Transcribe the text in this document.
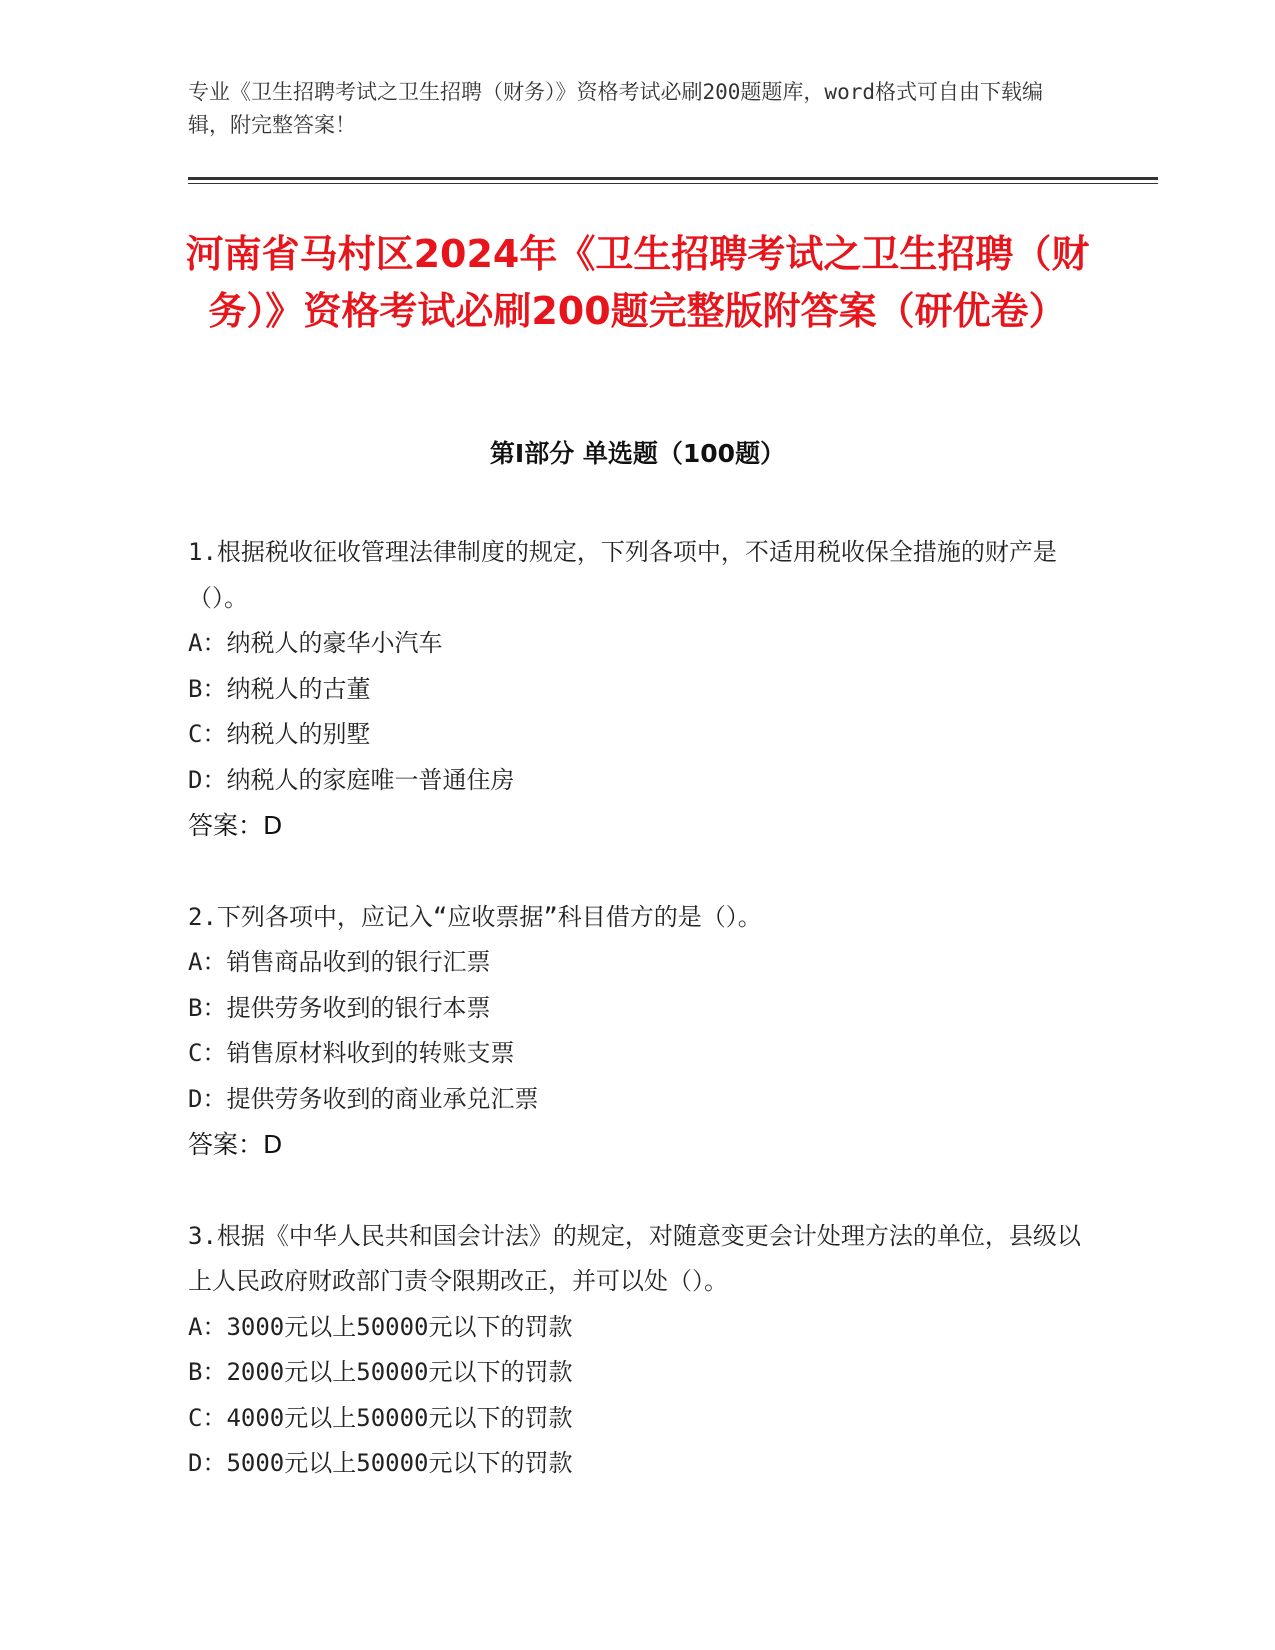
专业《卫生招聘考试之卫生招聘（财务）》资格考试必刷200题题库，word格式可自由下载编辑，附完整答案！
河南省马村区2024年《卫生招聘考试之卫生招聘（财务）》资格考试必刷200题完整版附答案（研优卷）
第I部分 单选题（100题）
1.根据税收征收管理法律制度的规定，下列各项中，不适用税收保全措施的财产是（）。
A：纳税人的豪华小汽车
B：纳税人的古董
C：纳税人的别墅
D：纳税人的家庭唯一普通住房
答案：D
2.下列各项中，应记入“应收票据”科目借方的是（）。
A：销售商品收到的银行汇票
B：提供劳务收到的银行本票
C：销售原材料收到的转账支票
D：提供劳务收到的商业承兑汇票
答案：D
3.根据《中华人民共和国会计法》的规定，对随意变更会计处理方法的单位，县级以上人民政府财政部门责令限期改正，并可以处（）。
A：3000元以上50000元以下的罚款
B：2000元以上50000元以下的罚款
C：4000元以上50000元以下的罚款
D：5000元以上50000元以下的罚款
